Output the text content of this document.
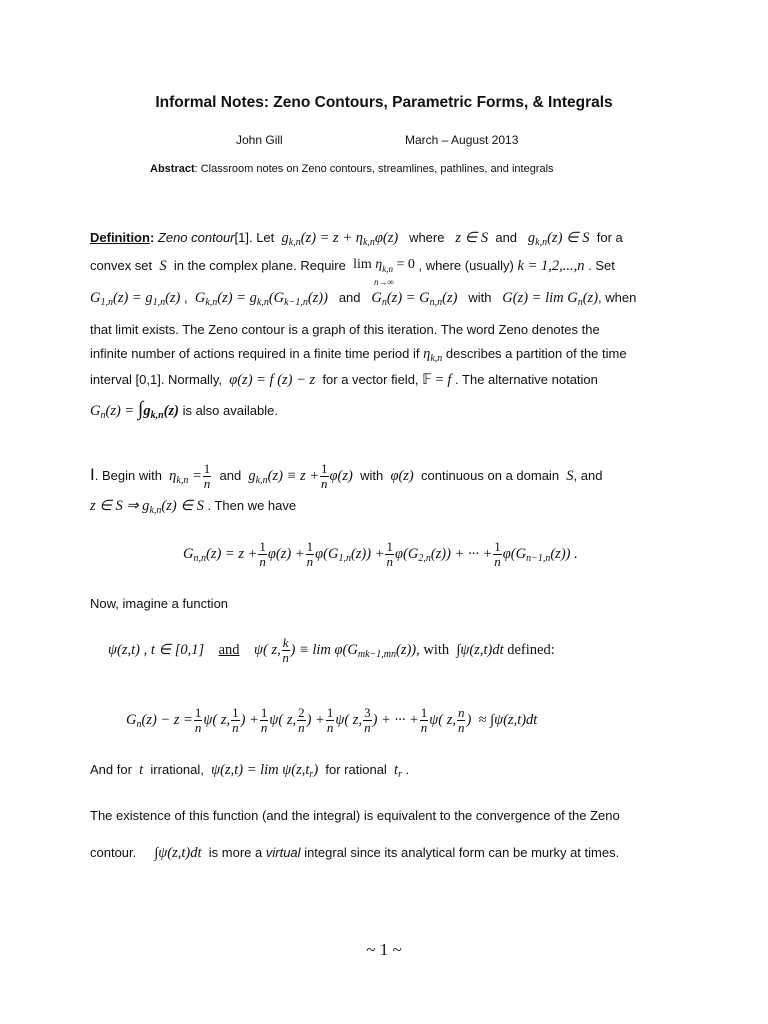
Informal Notes: Zeno Contours, Parametric Forms, & Integrals
John Gill	March – August 2013
Abstract: Classroom notes on Zeno contours, streamlines, pathlines, and integrals
Definition: Zeno contour[1]. Let  $g_{k,n}(z) = z + \eta_{k,n}\varphi(z)$ where z ∈ S and $g_{k,n}(z)$ ∈ S for a
convex set S in the complex plane. Require $\lim \eta_{k,n} = 0$
n→∞
, where (usually) k = 1,2,...,n . Set
$G_{1,n}(z) = g_{1,n}(z)$ ,  $G_{k,n}(z) = g_{k,n}(G_{k-1,n}(z))$ and $G_n(z) = G_{n,n}(z)$ with $G(z) = \lim G_n(z)$, when
that limit exists. The Zeno contour is a graph of this iteration. The word Zeno denotes the
infinite number of actions required in a finite time period if $\eta_{k,n}$ describes a partition of the time
interval [0,1]. Normally, φ(z) = f (z) − z for a vector field, 𝔽 = f . The alternative notation
$G_n(z) = \int g_{k,n}(z)$ is also available.
I. Begin with $\eta_{k,n} = \frac{1}{n}$ and $g_{k,n}(z) \equiv z + \frac{1}{n} \varphi(z)$ with φ(z) continuous on a domain S, and
z ∈ S ⇒ $g_{k,n}(z)$ ∈ S . Then we have
$G_{n,n}(z) = z + \frac{1}{n} \varphi(z) + \frac{1}{n} \varphi(G_{1,n}(z)) + \frac{1}{n} \varphi(G_{2,n}(z))$ + ··· + $\frac{1}{n} \varphi(G_{n-1,n}(z))$ .
Now, imagine a function
ψ(z,t) , t ∈ [0,1] and ψ( z, $\frac{k}{n}$ ) ≡ $\lim \varphi(G_{mk-1,mn}(z))$, with ∫ψ(z,t)dt defined:
$G_n(z) - z = \frac{1}{n} \psi$( z, $\frac{1}{n}$ ) + $\frac{1}{n} \psi$( z, $\frac{2}{n}$ ) + $\frac{1}{n} \psi$( z, $\frac{3}{n}$ ) + ··· + $\frac{1}{n} \psi$( z, $\frac{n}{n}$ )  ≈ ∫ψ(z,t)dt
And for t irrational, $\psi(z,t) = \lim \psi(z,t_r)$ for rational $t_r$ .
The existence of this function (and the integral) is equivalent to the convergence of the Zeno
contour. ∫ψ(z,t)dt is more a virtual integral since its analytical form can be murky at times.
~ 1 ~
